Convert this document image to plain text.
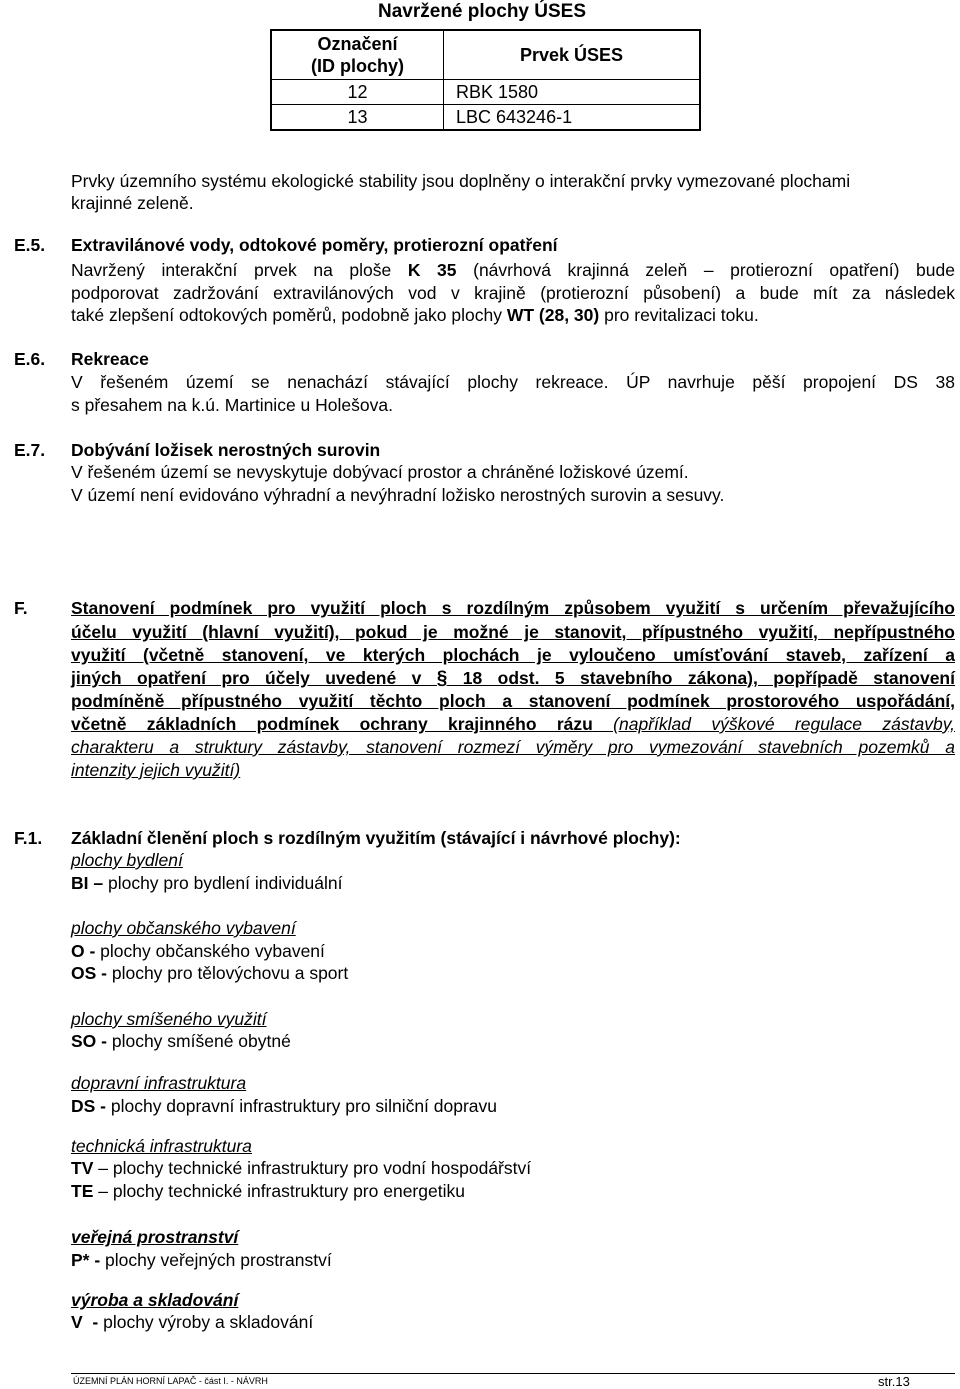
Navržené plochy ÚSES
Označení
(ID plochy)	Prvek ÚSES
12	RBK 1580
13	LBC 643246-1
Prvky územního systému ekologické stability jsou doplněny o interakční prvky vymezované plochami
krajinné zeleně.
E.5. Extravilánové vody, odtokové poměry, protierozní opatření
Navržený interakční prvek na ploše K 35 (návrhová krajinná zeleň – protierozní opatření) bude
podporovat zadržování extravilánových vod v krajině (protierozní působení) a bude mít za následek
také zlepšení odtokových poměrů, podobně jako plochy WT (28, 30) pro revitalizaci toku.
E.6. Rekreace
V řešeném území se nenachází stávající plochy rekreace. ÚP navrhuje pěší propojení DS 38
s přesahem na k.ú. Martinice u Holešova.
E.7. Dobývání ložisek nerostných surovin
V řešeném území se nevyskytuje dobývací prostor a chráněné ložiskové území.
V území není evidováno výhradní a nevýhradní ložisko nerostných surovin a sesuvy.
F. Stanovení podmínek pro využití ploch s rozdílným způsobem využití s určením převažujícího
účelu využití (hlavní využití), pokud je možné je stanovit, přípustného využití, nepřípustného
využití (včetně stanovení, ve kterých plochách je vyloučeno umísťování staveb, zařízení a
jiných opatření pro účely uvedené v § 18 odst. 5 stavebního zákona), popřípadě stanovení
podmíněně přípustného využití těchto ploch a stanovení podmínek prostorového uspořádání,
včetně základních podmínek ochrany krajinného rázu (například výškové regulace zástavby,
charakteru a struktury zástavby, stanovení rozmezí výměry pro vymezování stavebních pozemků a
intenzity jejich využití)
F.1. Základní členění ploch s rozdílným využitím (stávající i návrhové plochy):
plochy bydlení
BI – plochy pro bydlení individuální
plochy občanského vybavení
O - plochy občanského vybavení
OS - plochy pro tělovýchovu a sport
plochy smíšeného využití
SO - plochy smíšené obytné
dopravní infrastruktura
DS - plochy dopravní infrastruktury pro silniční dopravu
technická infrastruktura
TV – plochy technické infrastruktury pro vodní hospodářství
TE – plochy technické infrastruktury pro energetiku
veřejná prostranství
P* - plochy veřejných prostranství
výroba a skladování
V  - plochy výroby a skladování
ÚZEMNÍ PLÁN HORNÍ LAPAČ - část I. - NÁVRH	str.13
